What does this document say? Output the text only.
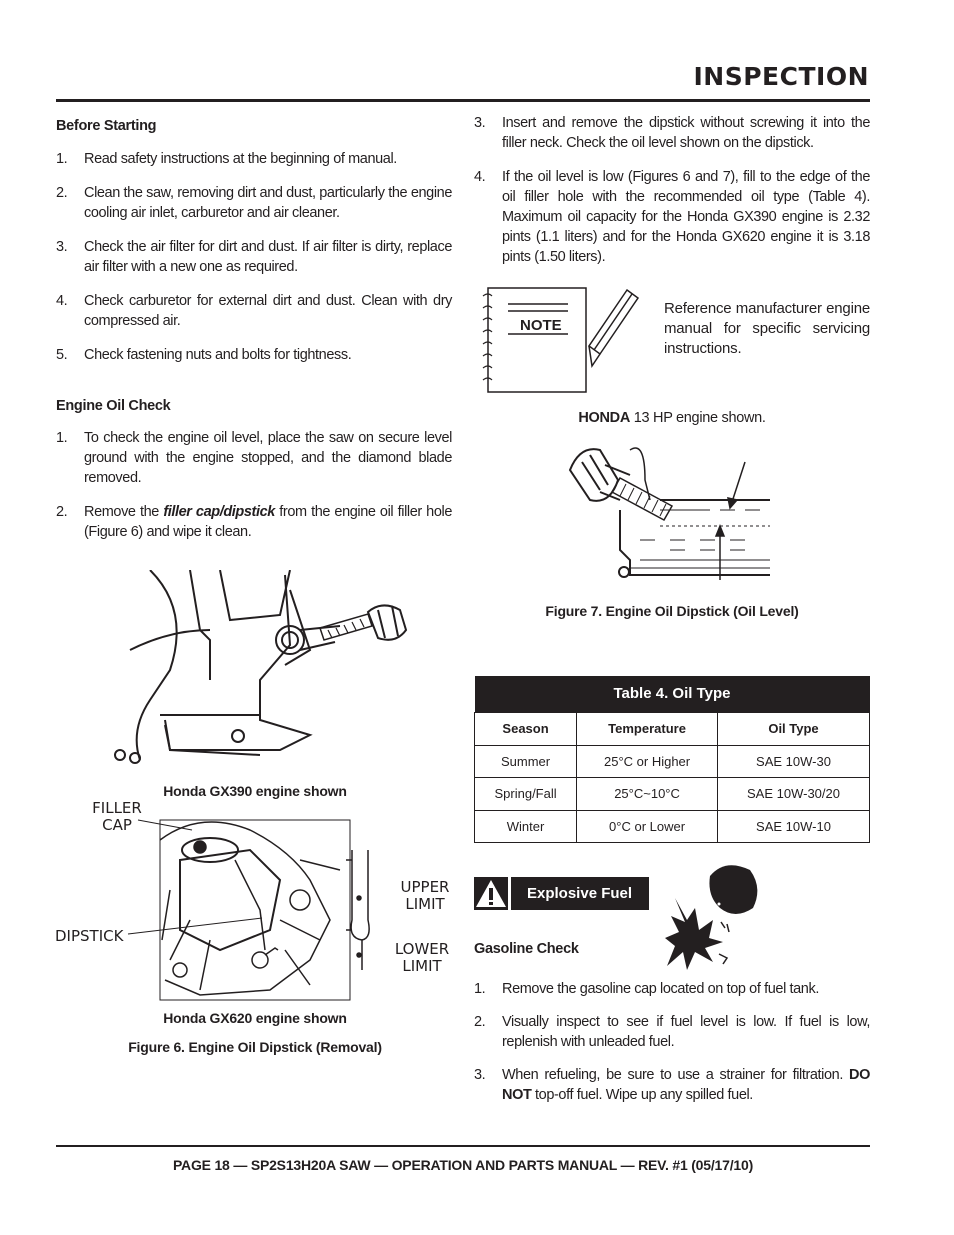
INSPECTION
Before Starting
1. Read safety instructions at the beginning of manual.
2. Clean the saw, removing dirt and dust, particularly the engine cooling air inlet, carburetor and air cleaner.
3. Check the air filter for dirt and dust. If air filter is dirty, replace air filter with a new one as required.
4. Check carburetor for external dirt and dust. Clean with dry compressed air.
5. Check fastening nuts and bolts for tightness.
Engine Oil Check
1. To check the engine oil level, place the saw on secure level ground with the engine stopped, and the diamond blade removed.
2. Remove the filler cap/dipstick from the engine oil filler hole (Figure 6) and wipe it clean.
Honda GX390 engine shown
FILLER
CAP
DIPSTICK
UPPER
LIMIT
LOWER
LIMIT
Honda GX620 engine shown
Figure 6. Engine Oil Dipstick (Removal)
3. Insert and remove the dipstick without screwing it into the filler neck. Check the oil level shown on the dipstick.
4. If the oil level is low (Figures 6 and 7), fill to the edge of the oil filler hole with the recommended oil type (Table 4). Maximum oil capacity for the Honda GX390 engine is 2.32 pints (1.1 liters) and for the Honda GX620 engine it is 3.18 pints (1.50 liters).
NOTE
Reference manufacturer engine manual for specific servicing instructions.
HONDA 13 HP engine shown.
Figure 7. Engine Oil Dipstick (Oil Level)
Table 4. Oil Type		
Season	Temperature	Oil Type
Summer	25°C or Higher	SAE 10W-30
Spring/Fall	25°C~10°C	SAE 10W-30/20
Winter	0°C or Lower	SAE 10W-10
Explosive Fuel
Gasoline Check
1. Remove the gasoline cap located on top of fuel tank.
2. Visually inspect to see if fuel level is low. If fuel is low, replenish with unleaded fuel.
3. When refueling, be sure to use a strainer for filtration. DO NOT top-off fuel. Wipe up any spilled fuel.
PAGE 18 — SP2S13H20A SAW — OPERATION AND PARTS MANUAL — REV. #1 (05/17/10)
